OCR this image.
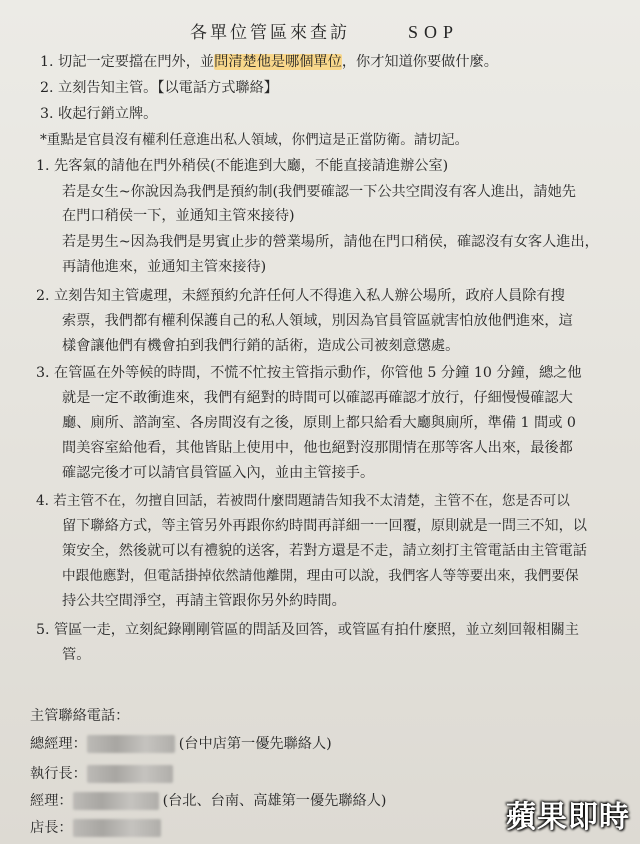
各單位管區來查訪	SOP
1. 切記一定要擋在門外，並問清楚他是哪個單位，你才知道你要做什麼。
2. 立刻告知主管。【以電話方式聯絡】
3. 收起行銷立牌。
*重點是官員沒有權利任意進出私人領域，你們這是正當防衛。請切記。
1. 先客氣的請他在門外稍侯(不能進到大廳，不能直接請進辦公室)
若是女生~你說因為我們是預約制(我們要確認一下公共空間沒有客人進出，請她先
在門口稍侯一下，並通知主管來接待)
若是男生~因為我們是男賓止步的營業場所，請他在門口稍侯，確認沒有女客人進出，
再請他進來，並通知主管來接待)
2. 立刻告知主管處理，未經預約允許任何人不得進入私人辦公場所，政府人員除有搜
索票，我們都有權利保護自己的私人領域，別因為官員管區就害怕放他們進來，這
樣會讓他們有機會拍到我們行銷的話術，造成公司被刻意懲處。
3. 在管區在外等候的時間，不慌不忙按主管指示動作，你管他 5 分鐘 10 分鐘，總之他
就是一定不敢衝進來，我們有絕對的時間可以確認再確認才放行，仔細慢慢確認大
廳、廁所、諮詢室、各房間沒有之後，原則上都只給看大廳與廁所，準備 1 間或 0
間美容室給他看，其他皆貼上使用中，他也絕對沒那閒情在那等客人出來，最後都
確認完後才可以請官員管區入內，並由主管接手。
4. 若主管不在，勿擅自回話，若被問什麼問題請告知我不太清楚，主管不在，您是否可以
留下聯絡方式，等主管另外再跟你約時間再詳細一一回覆，原則就是一問三不知，以
策安全，然後就可以有禮貌的送客，若對方還是不走，請立刻打主管電話由主管電話
中跟他應對，但電話掛掉依然請他離開，理由可以說，我們客人等等要出來，我們要保
持公共空間淨空，再請主管跟你另外約時間。
5. 管區一走，立刻紀錄剛剛管區的問話及回答，或管區有拍什麼照，並立刻回報相關主
管。
主管聯絡電話：
總經理：	(台中店第一優先聯絡人)
執行長：
經理：	(台北、台南、高雄第一優先聯絡人)
店長：	蘋果即時
